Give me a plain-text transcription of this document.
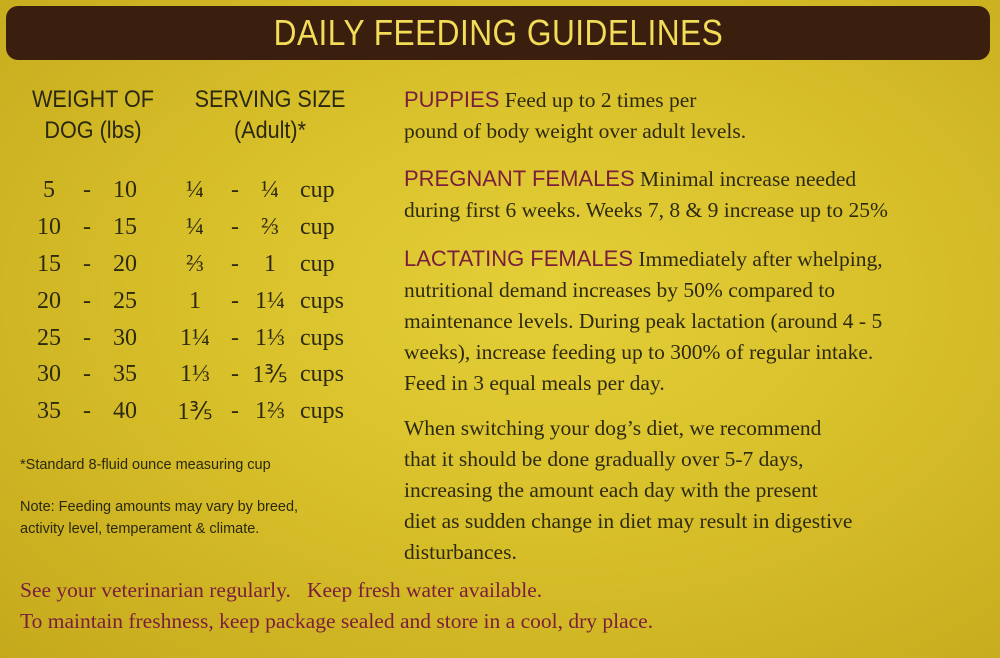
DAILY FEEDING GUIDELINES
WEIGHT OF
DOG (lbs)
SERVING SIZE
(Adult)*
5	- 10	¼	- ¼ cup
10 - 15	¼	- ⅔ cup
15 - 20	⅔	-	1	cup
20 - 25	1	- 1¼ cups
25 - 30	1¼ - 1⅓ cups
30 - 35	1⅓ - 1⅗ cups
35 - 40	1⅗ - 1⅔ cups
*Standard 8-fluid ounce measuring cup
Note: Feeding amounts may vary by breed,
activity level, temperament & climate.
PUPPIES Feed up to 2 times per
pound of body weight over adult levels.
PREGNANT FEMALES Minimal increase needed
during first 6 weeks. Weeks 7, 8 & 9 increase up to 25%
LACTATING FEMALES Immediately after whelping,
nutritional demand increases by 50% compared to
maintenance levels. During peak lactation (around 4 - 5
weeks), increase feeding up to 300% of regular intake.
Feed in 3 equal meals per day.
When switching your dog’s diet, we recommend
that it should be done gradually over 5-7 days,
increasing the amount each day with the present
diet as sudden change in diet may result in digestive
disturbances.
See your veterinarian regularly.   Keep fresh water available.
To maintain freshness, keep package sealed and store in a cool, dry place.
